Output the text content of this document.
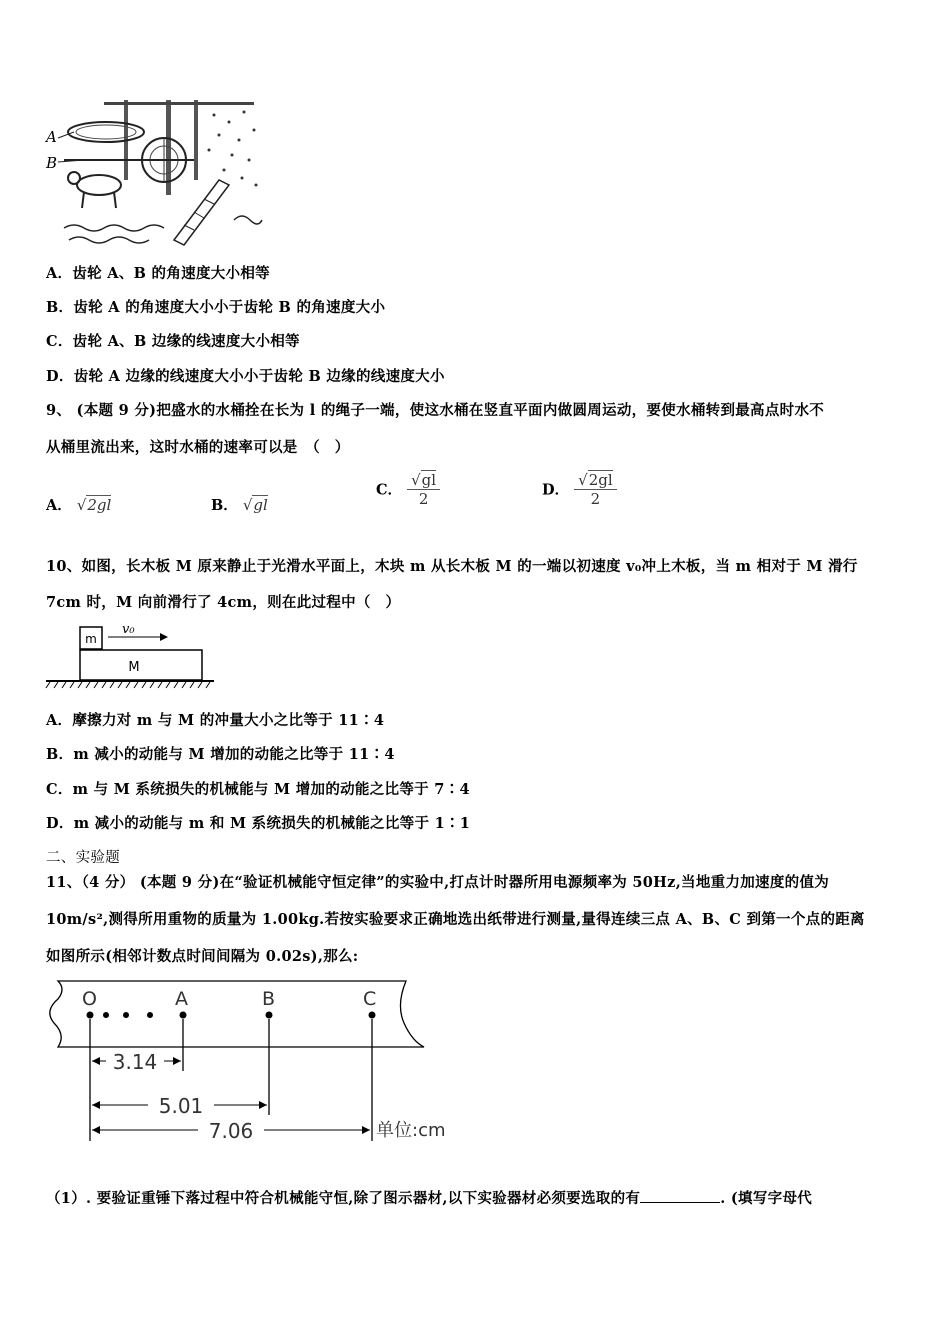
A
B
A．齿轮 A、B 的角速度大小相等
B．齿轮 A 的角速度大小小于齿轮 B 的角速度大小
C．齿轮 A、B 边缘的线速度大小相等
D．齿轮 A 边缘的线速度大小小于齿轮 B 边缘的线速度大小
9、 (本题 9 分)把盛水的水桶拴在长为 l 的绳子一端，使这水桶在竖直平面内做圆周运动，要使水桶转到最高点时水不
从桶里流出来，这时水桶的速率可以是　（　）
A． √2gl	B． √gl
C． $\frac{√gl}{2}$	D． $\frac{√2gl}{2}$
10、如图，长木板 M 原来静止于光滑水平面上，木块 m 从长木板 M 的一端以初速度 v₀冲上木板，当 m 相对于 M 滑行
7cm 时，M 向前滑行了 4cm，则在此过程中（　）
m
v₀
M
A．摩擦力对 m 与 M 的冲量大小之比等于 11∶4
B．m 减小的动能与 M 增加的动能之比等于 11∶4
C．m 与 M 系统损失的机械能与 M 增加的动能之比等于 7∶4
D．m 减小的动能与 m 和 M 系统损失的机械能之比等于 1∶1
二、实验题
11、（4 分） (本题 9 分)在“验证机械能守恒定律”的实验中,打点计时器所用电源频率为 50Hz,当地重力加速度的值为
10m/s²,测得所用重物的质量为 1.00kg.若按实验要求正确地选出纸带进行测量,量得连续三点 A、B、C 到第一个点的距离
如图所示(相邻计数点时间间隔为 0.02s),那么:
O	A	B	C
3.14
5.01
7.06	单位:cm
（1）. 要验证重锤下落过程中符合机械能守恒,除了图示器材,以下实验器材必须要选取的有	. (填写字母代
